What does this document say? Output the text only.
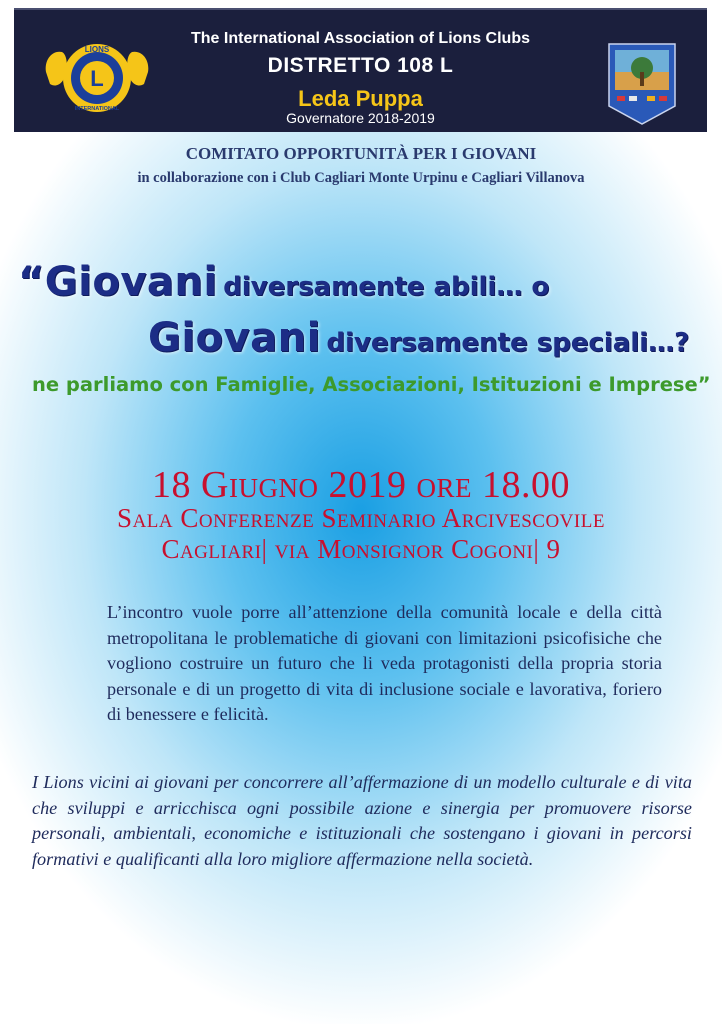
L
LIONS
INTERNATIONAL
The International Association of Lions Clubs
DISTRETTO 108 L
Leda Puppa
Governatore 2018-2019
COMITATO OPPORTUNITÀ PER I GIOVANI
in collaborazione con i Club Cagliari Monte Urpinu e Cagliari Villanova
“Giovani diversamente abili… o
Giovani diversamente speciali…?
ne parliamo con Famiglie, Associazioni, Istituzioni e Imprese”
18 Giugno 2019 ore 18.00
Sala Conferenze Seminario Arcivescovile
Cagliari| via Monsignor Cogoni| 9
L’incontro vuole porre all’attenzione della comunità locale e della città metropolitana le problematiche di giovani con limitazioni psicofisiche che vogliono costruire un futuro che li veda protagonisti della propria storia personale e di un progetto di vita di inclusione sociale e lavorativa, foriero di benessere e felicità.
I Lions vicini ai giovani per concorrere all’affermazione di un modello culturale e di vita che sviluppi e arricchisca ogni possibile azione e sinergia per promuovere risorse personali, ambientali, economiche e istituzionali che sostengano i giovani in percorsi formativi e qualificanti alla loro migliore affermazione nella società.
